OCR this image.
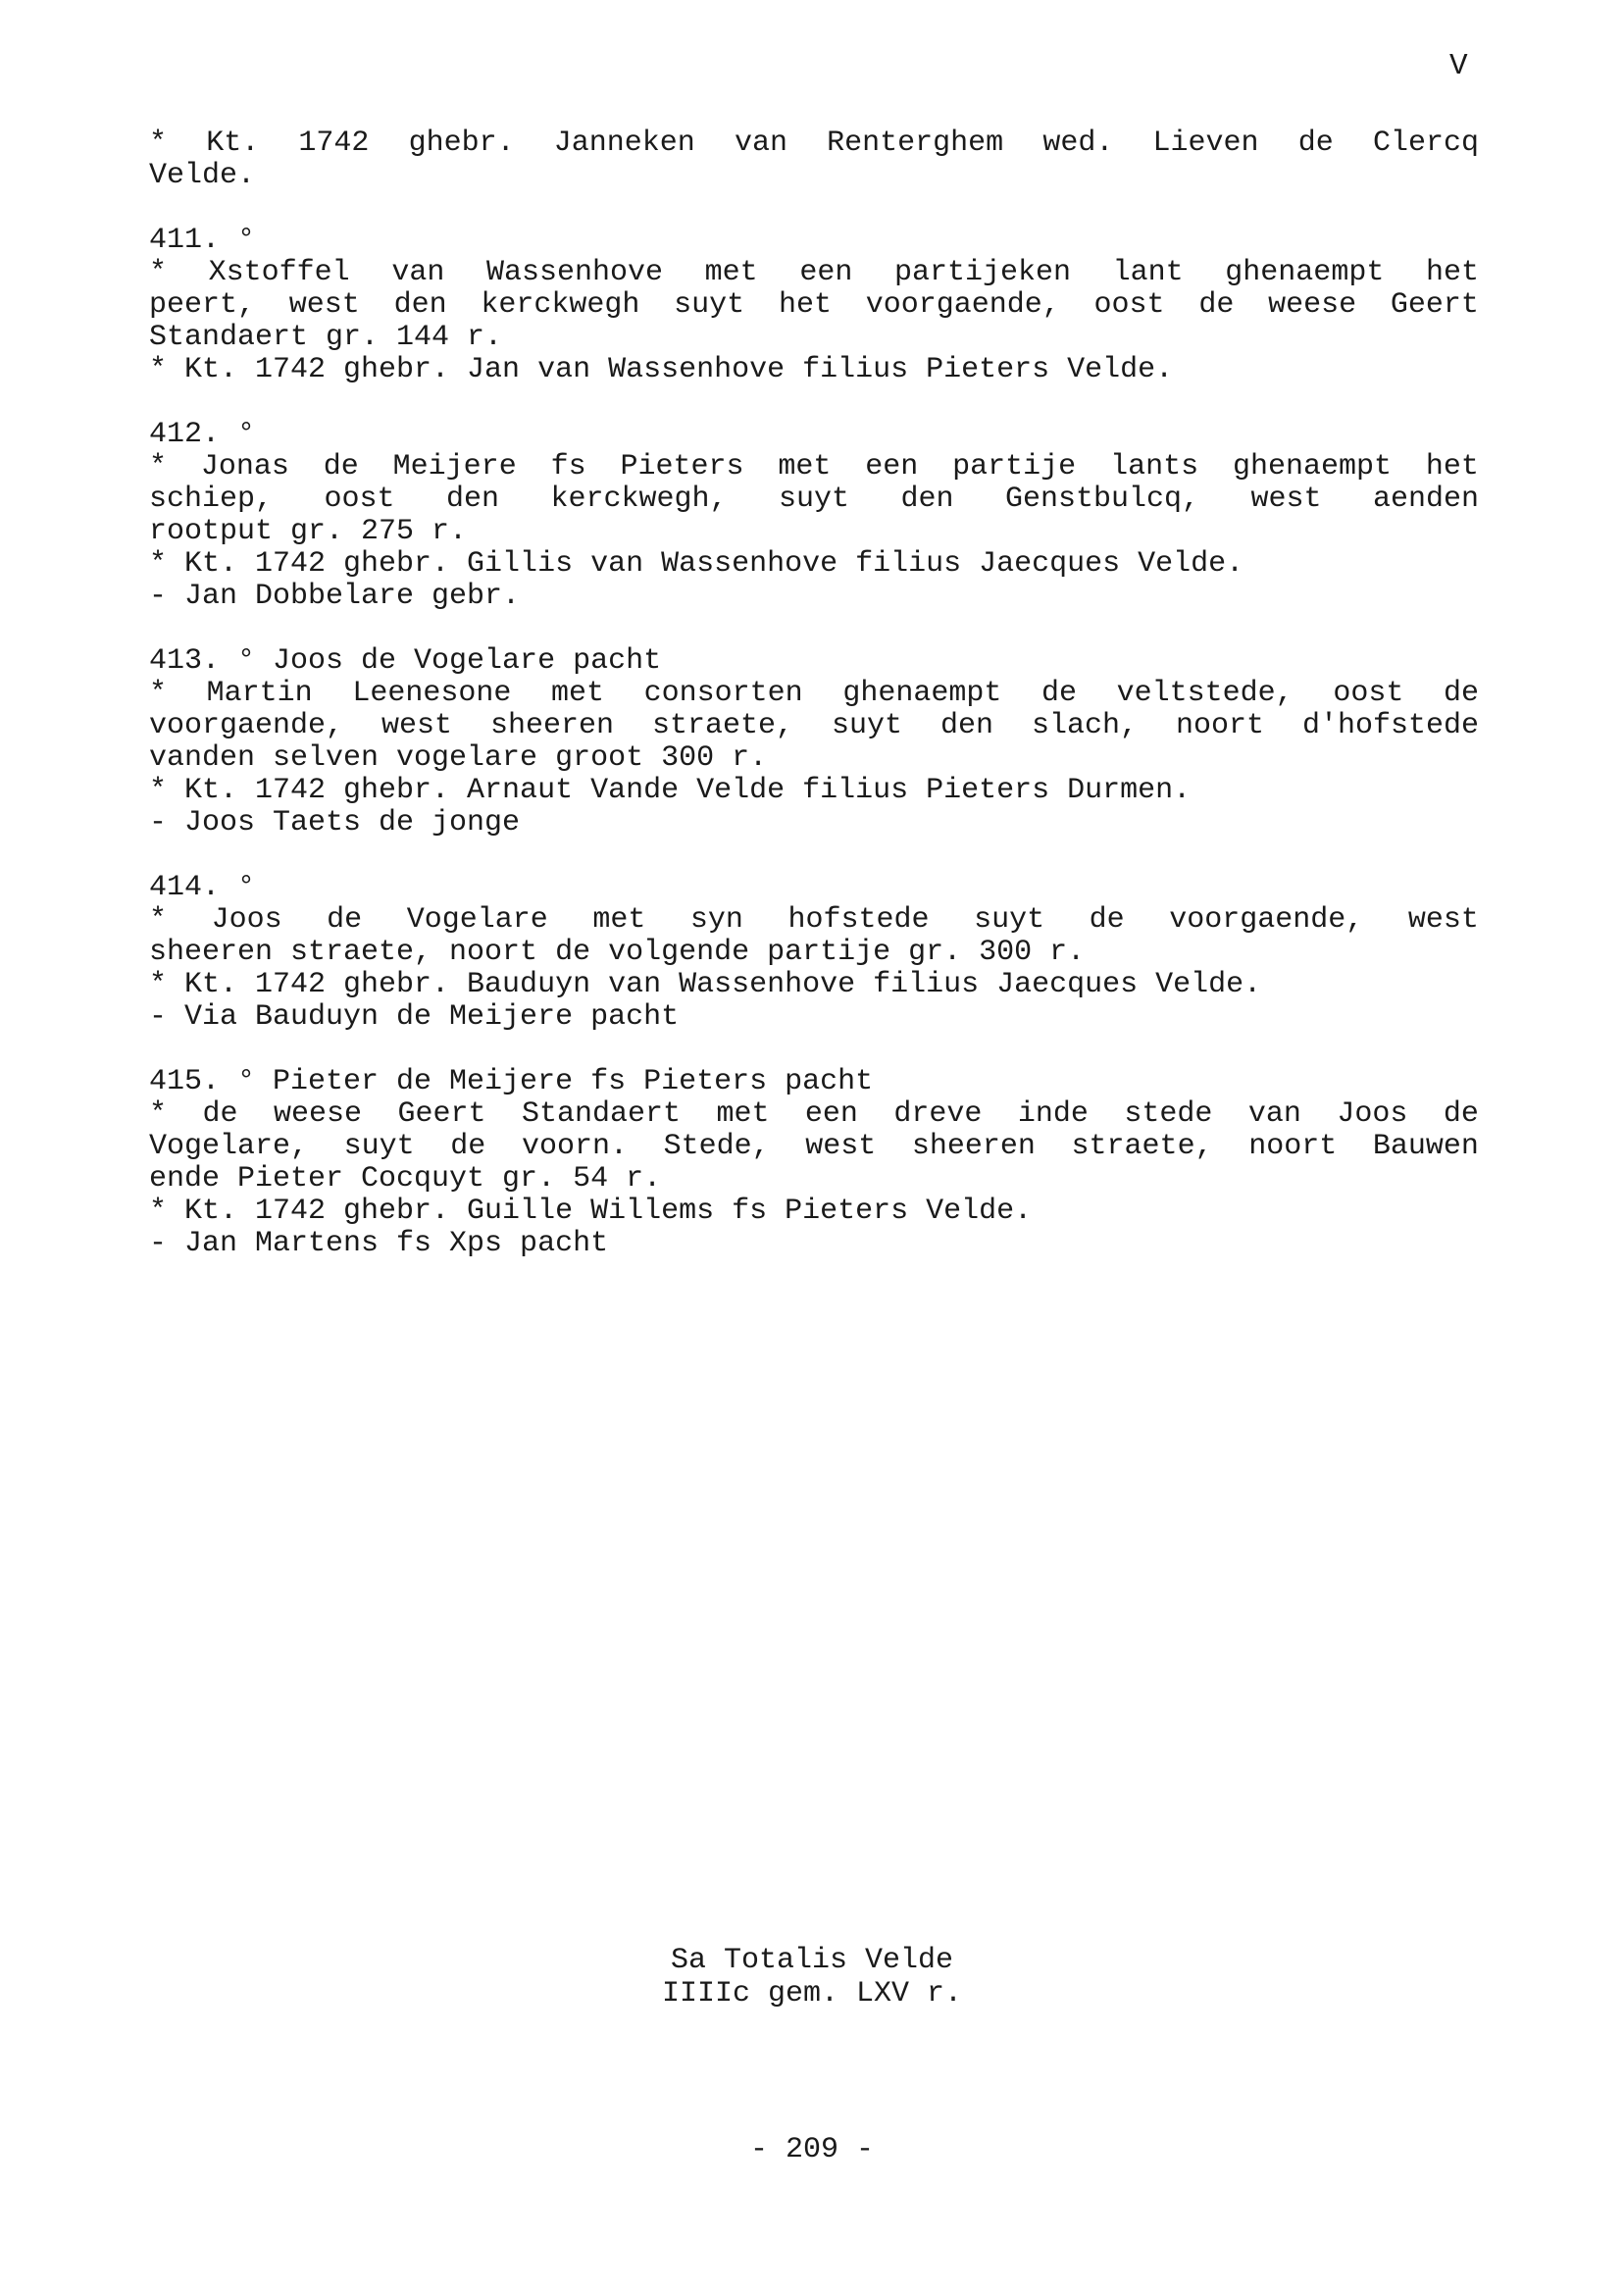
V
* Kt. 1742 ghebr. Janneken van Renterghem wed. Lieven de Clercq
Velde.
411. °
* Xstoffel van Wassenhove met een partijeken lant ghenaempt het
peert, west den kerckwegh suyt het voorgaende, oost de weese Geert
Standaert gr. 144 r.
* Kt. 1742 ghebr. Jan van Wassenhove filius Pieters Velde.
412. °
* Jonas de Meijere fs Pieters met een partije lants ghenaempt het
schiep, oost den kerckwegh, suyt den Genstbulcq, west aenden
rootput gr. 275 r.
* Kt. 1742 ghebr. Gillis van Wassenhove filius Jaecques Velde.
- Jan Dobbelare gebr.
413. ° Joos de Vogelare pacht
* Martin Leenesone met consorten ghenaempt de veltstede, oost de
voorgaende, west sheeren straete, suyt den slach, noort d'hofstede
vanden selven vogelare groot 300 r.
* Kt. 1742 ghebr. Arnaut Vande Velde filius Pieters Durmen.
- Joos Taets de jonge
414. °
* Joos de Vogelare met syn hofstede suyt de voorgaende, west
sheeren straete, noort de volgende partije gr. 300 r.
* Kt. 1742 ghebr. Bauduyn van Wassenhove filius Jaecques Velde.
- Via Bauduyn de Meijere pacht
415. ° Pieter de Meijere fs Pieters pacht
* de weese Geert Standaert met een dreve inde stede van Joos de
Vogelare, suyt de voorn. Stede, west sheeren straete, noort Bauwen
ende Pieter Cocquyt gr. 54 r.
* Kt. 1742 ghebr. Guille Willems fs Pieters Velde.
- Jan Martens fs Xps pacht
Sa Totalis Velde
IIIIc gem. LXV r.
- 209 -
